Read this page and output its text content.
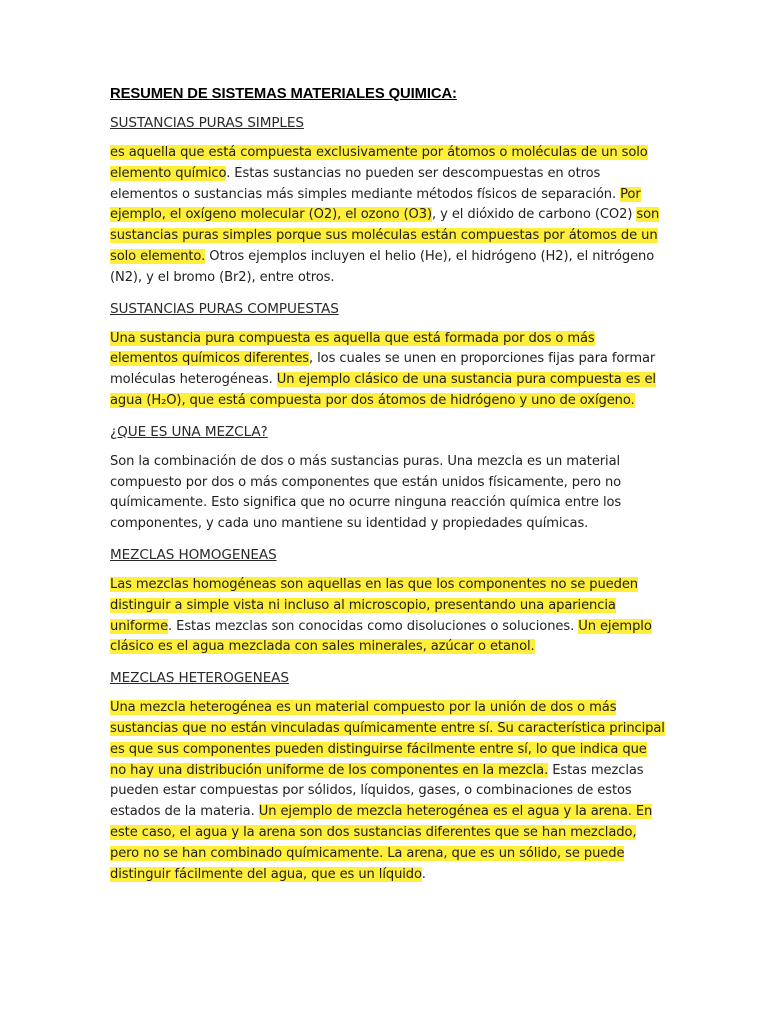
RESUMEN DE SISTEMAS MATERIALES QUIMICA:
SUSTANCIAS PURAS SIMPLES
es aquella que está compuesta exclusivamente por átomos o moléculas de un solo elemento químico. Estas sustancias no pueden ser descompuestas en otros elementos o sustancias más simples mediante métodos físicos de separación. Por ejemplo, el oxígeno molecular (O2), el ozono (O3), y el dióxido de carbono (CO2) son sustancias puras simples porque sus moléculas están compuestas por átomos de un solo elemento. Otros ejemplos incluyen el helio (He), el hidrógeno (H2), el nitrógeno (N2), y el bromo (Br2), entre otros.
SUSTANCIAS PURAS COMPUESTAS
Una sustancia pura compuesta es aquella que está formada por dos o más elementos químicos diferentes, los cuales se unen en proporciones fijas para formar moléculas heterogéneas. Un ejemplo clásico de una sustancia pura compuesta es el agua (H₂O), que está compuesta por dos átomos de hidrógeno y uno de oxígeno.
¿QUE ES UNA MEZCLA?
Son la combinación de dos o más sustancias puras. Una mezcla es un material compuesto por dos o más componentes que están unidos físicamente, pero no químicamente. Esto significa que no ocurre ninguna reacción química entre los componentes, y cada uno mantiene su identidad y propiedades químicas.
MEZCLAS HOMOGENEAS
Las mezclas homogéneas son aquellas en las que los componentes no se pueden distinguir a simple vista ni incluso al microscopio, presentando una apariencia uniforme. Estas mezclas son conocidas como disoluciones o soluciones. Un ejemplo clásico es el agua mezclada con sales minerales, azúcar o etanol.
MEZCLAS HETEROGENEAS
Una mezcla heterogénea es un material compuesto por la unión de dos o más sustancias que no están vinculadas químicamente entre sí. Su característica principal es que sus componentes pueden distinguirse fácilmente entre sí, lo que indica que no hay una distribución uniforme de los componentes en la mezcla. Estas mezclas pueden estar compuestas por sólidos, líquidos, gases, o combinaciones de estos estados de la materia. Un ejemplo de mezcla heterogénea es el agua y la arena. En este caso, el agua y la arena son dos sustancias diferentes que se han mezclado, pero no se han combinado químicamente. La arena, que es un sólido, se puede distinguir fácilmente del agua, que es un líquido.
